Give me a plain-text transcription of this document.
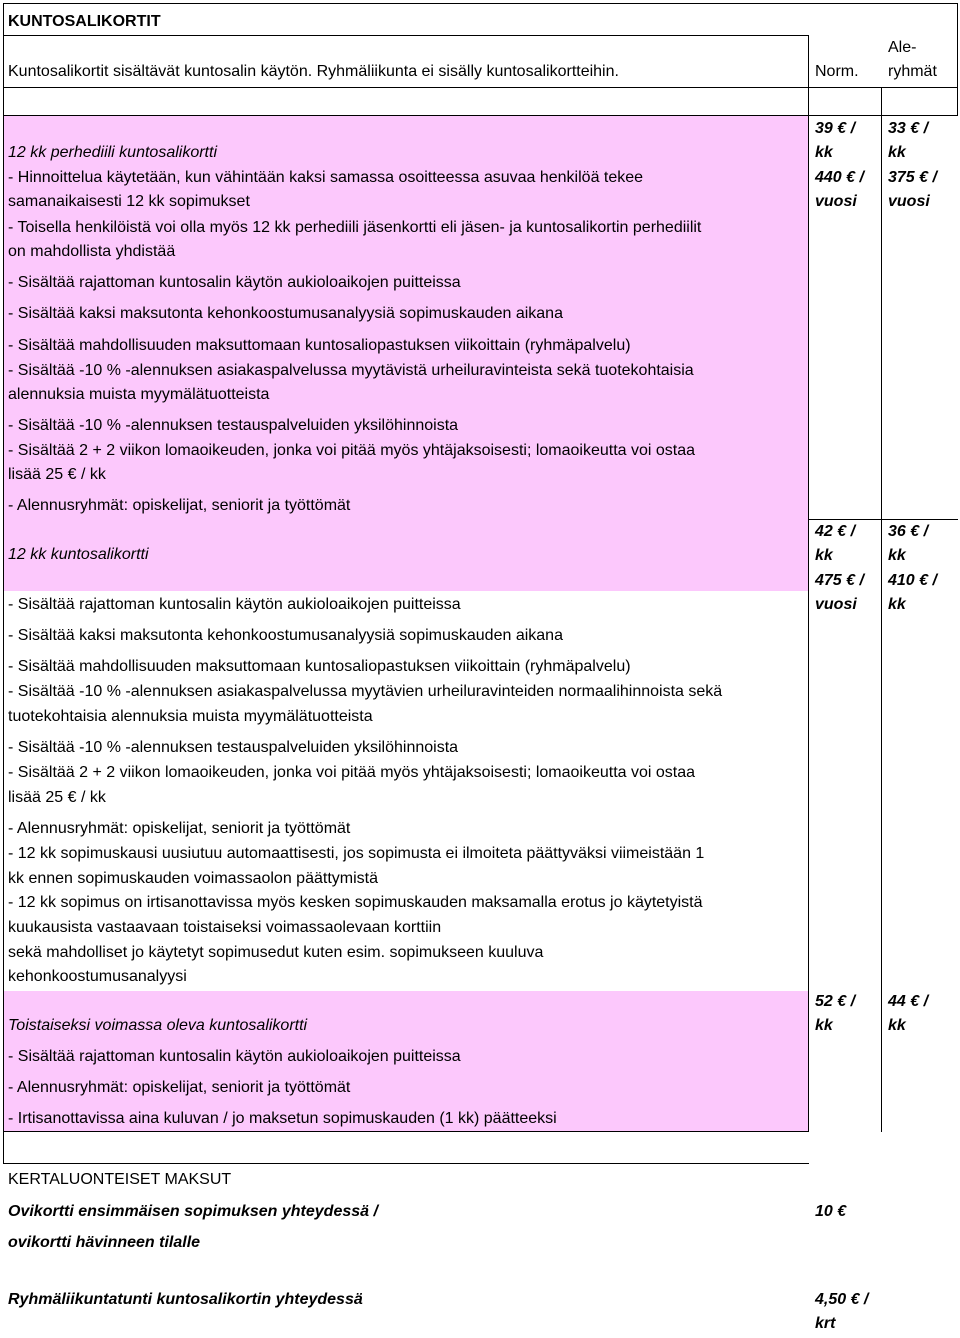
KUNTOSALIKORTIT
Kuntosalikortit sisältävät kuntosalin käytön. Ryhmäliikunta ei sisälly kuntosalikortteihin.	Norm.
Ale-
ryhmät
12 kk perhediili kuntosalikortti
- Hinnoittelua käytetään, kun vähintään kaksi samassa osoitteessa asuvaa henkilöä tekee
samanaikaisesti 12 kk sopimukset
- Toisella henkilöistä voi olla myös 12 kk perhediili jäsenkortti eli jäsen- ja kuntosalikortin perhediilit
on mahdollista yhdistää
- Sisältää rajattoman kuntosalin käytön aukioloaikojen puitteissa
- Sisältää kaksi maksutonta kehonkoostumusanalyysiä sopimuskauden aikana
- Sisältää mahdollisuuden maksuttomaan kuntosaliopastuksen viikoittain (ryhmäpalvelu)
- Sisältää -10 % -alennuksen asiakaspalvelussa myytävistä urheiluravinteista sekä tuotekohtaisia
alennuksia muista myymälätuotteista
- Sisältää -10 % -alennuksen testauspalveluiden yksilöhinnoista
- Sisältää 2 + 2 viikon lomaoikeuden, jonka voi pitää myös yhtäjaksoisesti; lomaoikeutta voi ostaa
lisää 25 € / kk
- Alennusryhmät: opiskelijat, seniorit ja työttömät
39 € /
kk
440 € /
vuosi
33 € /
kk
375 € /
vuosi
12 kk kuntosalikortti
- Sisältää rajattoman kuntosalin käytön aukioloaikojen puitteissa
- Sisältää kaksi maksutonta kehonkoostumusanalyysiä sopimuskauden aikana
- Sisältää mahdollisuuden maksuttomaan kuntosaliopastuksen viikoittain (ryhmäpalvelu)
- Sisältää -10 % -alennuksen asiakaspalvelussa myytävien urheiluravinteiden normaalihinnoista sekä
tuotekohtaisia alennuksia muista myymälätuotteista
- Sisältää -10 % -alennuksen testauspalveluiden yksilöhinnoista
- Sisältää 2 + 2 viikon lomaoikeuden, jonka voi pitää myös yhtäjaksoisesti; lomaoikeutta voi ostaa
lisää 25 € / kk
- Alennusryhmät: opiskelijat, seniorit ja työttömät
- 12 kk sopimuskausi uusiutuu automaattisesti, jos sopimusta ei ilmoiteta päättyväksi viimeistään 1
kk ennen sopimuskauden voimassaolon päättymistä
- 12 kk sopimus on irtisanottavissa myös kesken sopimuskauden maksamalla erotus jo käytetyistä
kuukausista vastaavaan toistaiseksi voimassaolevaan korttiin
sekä mahdolliset jo käytetyt sopimusedut kuten esim. sopimukseen kuuluva
kehonkoostumusanalyysi
42 € /
kk
475 € /
vuosi
36 € /
kk
410 € /
kk
Toistaiseksi voimassa oleva kuntosalikortti
- Sisältää rajattoman kuntosalin käytön aukioloaikojen puitteissa
- Alennusryhmät: opiskelijat, seniorit ja työttömät
- Irtisanottavissa aina kuluvan / jo maksetun sopimuskauden (1 kk) päätteeksi
52 € /
kk
44 € /
kk
KERTALUONTEISET MAKSUT
Ovikortti ensimmäisen sopimuksen yhteydessä /
ovikortti hävinneen tilalle
10 €
Ryhmäliikuntatunti kuntosalikortin yhteydessä	4,50 € /
krt
